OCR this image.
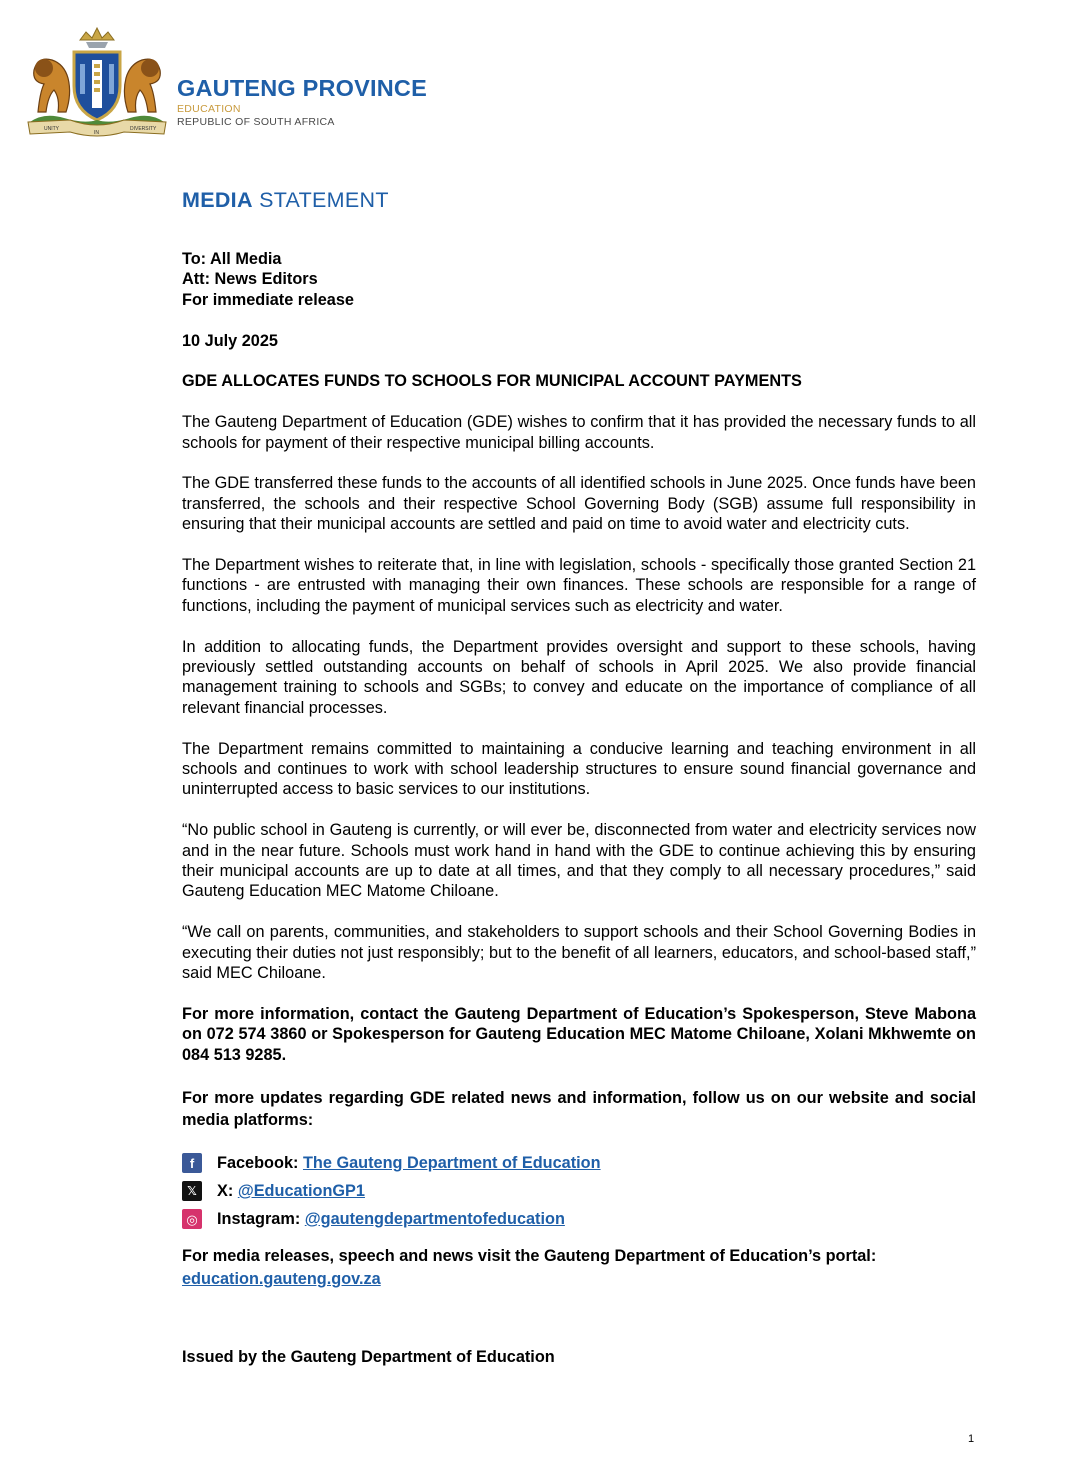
UNITY
IN
DIVERSITY
GAUTENG PROVINCE
EDUCATION
REPUBLIC OF SOUTH AFRICA
MEDIA STATEMENT

To: All Media

Att: News Editors

For immediate release

10 July 2025

GDE ALLOCATES FUNDS TO SCHOOLS FOR MUNICIPAL ACCOUNT PAYMENTS

The Gauteng Department of Education (GDE) wishes to confirm that it has provided the necessary funds to all schools for payment of their respective municipal billing accounts.

The GDE transferred these funds to the accounts of all identified schools in June 2025. Once funds have been transferred, the schools and their respective School Governing Body (SGB) assume full responsibility in ensuring that their municipal accounts are settled and paid on time to avoid water and electricity cuts.

The Department wishes to reiterate that, in line with legislation, schools - specifically those granted Section 21 functions - are entrusted with managing their own finances. These schools are responsible for a range of functions, including the payment of municipal services such as electricity and water.

In addition to allocating funds, the Department provides oversight and support to these schools, having previously settled outstanding accounts on behalf of schools in April 2025. We also provide financial management training to schools and SGBs; to convey and educate on the importance of compliance of all relevant financial processes.

The Department remains committed to maintaining a conducive learning and teaching environment in all schools and continues to work with school leadership structures to ensure sound financial governance and uninterrupted access to basic services to our institutions.

“No public school in Gauteng is currently, or will ever be, disconnected from water and electricity services now and in the near future. Schools must work hand in hand with the GDE to continue achieving this by ensuring their municipal accounts are up to date at all times, and that they comply to all necessary procedures,” said Gauteng Education MEC Matome Chiloane.

“We call on parents, communities, and stakeholders to support schools and their School Governing Bodies in executing their duties not just responsibly; but to the benefit of all learners, educators, and school-based staff,” said MEC Chiloane.

For more information, contact the Gauteng Department of Education’s Spokesperson, Steve Mabona on 072 574 3860 or Spokesperson for Gauteng Education MEC Matome Chiloane, Xolani Mkhwemte on 084 513 9285.

For more updates regarding GDE related news and information, follow us on our website and social media platforms:

f	Facebook:
The Gauteng Department of Education
𝕏	X:
@EducationGP1
◎ Instagram:
@gautengdepartmentofeducation

For media releases, speech and news visit the Gauteng Department of Education’s portal:
education.gauteng.gov.za

Issued by the Gauteng Department of Education

1
